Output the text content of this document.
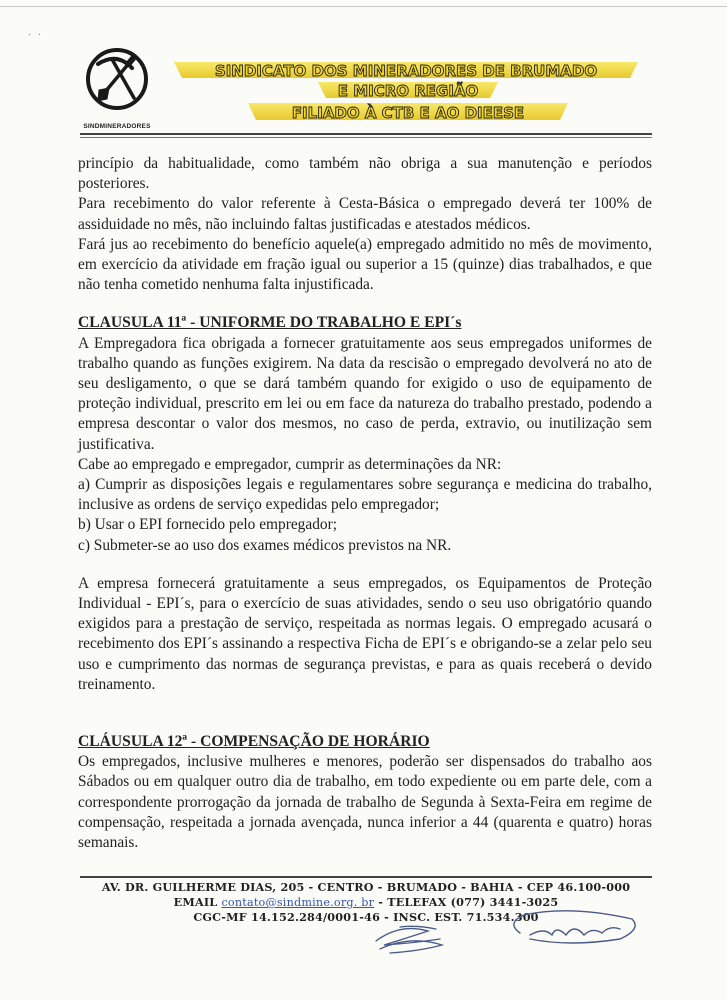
· ·
SINDMINERADORES
SINDICATO DOS MINERADORES DE BRUMADO
E MICRO REGIÃO
FILIADO À CTB E AO DIEESE

princípio da habitualidade, como também não obriga a sua manutenção e períodos posteriores.

Para recebimento do valor referente à Cesta-Básica o empregado deverá ter 100% de assiduidade no mês, não incluindo faltas justificadas e atestados médicos.

Fará jus ao recebimento do benefício aquele(a) empregado admitido no mês de movimento, em exercício da atividade em fração igual ou superior a 15 (quinze) dias trabalhados, e que não tenha cometido nenhuma falta injustificada.

CLAUSULA 11ª - UNIFORME DO TRABALHO E EPI´s

A Empregadora fica obrigada a fornecer gratuitamente aos seus empregados uniformes de trabalho quando as funções exigirem. Na data da rescisão o empregado devolverá no ato de seu desligamento, o que se dará também quando for exigido o uso de equipamento de proteção individual, prescrito em lei ou em face da natureza do trabalho prestado, podendo a empresa descontar o valor dos mesmos, no caso de perda, extravio, ou inutilização sem justificativa.

Cabe ao empregado e empregador, cumprir as determinações da NR:

a) Cumprir as disposições legais e regulamentares sobre segurança e medicina do trabalho, inclusive as ordens de serviço expedidas pelo empregador;

b) Usar o EPI fornecido pelo empregador;

c) Submeter-se ao uso dos exames médicos previstos na NR.

A empresa fornecerá gratuitamente a seus empregados, os Equipamentos de Proteção Individual - EPI´s, para o exercício de suas atividades, sendo o seu uso obrigatório quando exigidos para a prestação de serviço, respeitada as normas legais. O empregado acusará o recebimento dos EPI´s assinando a respectiva Ficha de EPI´s e obrigando-se a zelar pelo seu uso e cumprimento das normas de segurança previstas, e para as quais receberá o devido treinamento.

CLÁUSULA 12ª - COMPENSAÇÃO DE HORÁRIO

Os empregados, inclusive mulheres e menores, poderão ser dispensados do trabalho aos Sábados ou em qualquer outro dia de trabalho, em todo expediente ou em parte dele, com a correspondente prorrogação da jornada de trabalho de Segunda à Sexta-Feira em regime de compensação, respeitada a jornada avençada, nunca inferior a 44 (quarenta e quatro) horas semanais.

AV. DR. GUILHERME DIAS, 205 - CENTRO - BRUMADO - BAHIA - CEP 46.100-000
EMAIL contato@sindmine.org. br - TELEFAX (077) 3441-3025
CGC-MF 14.152.284/0001-46 - INSC. EST. 71.534.300
